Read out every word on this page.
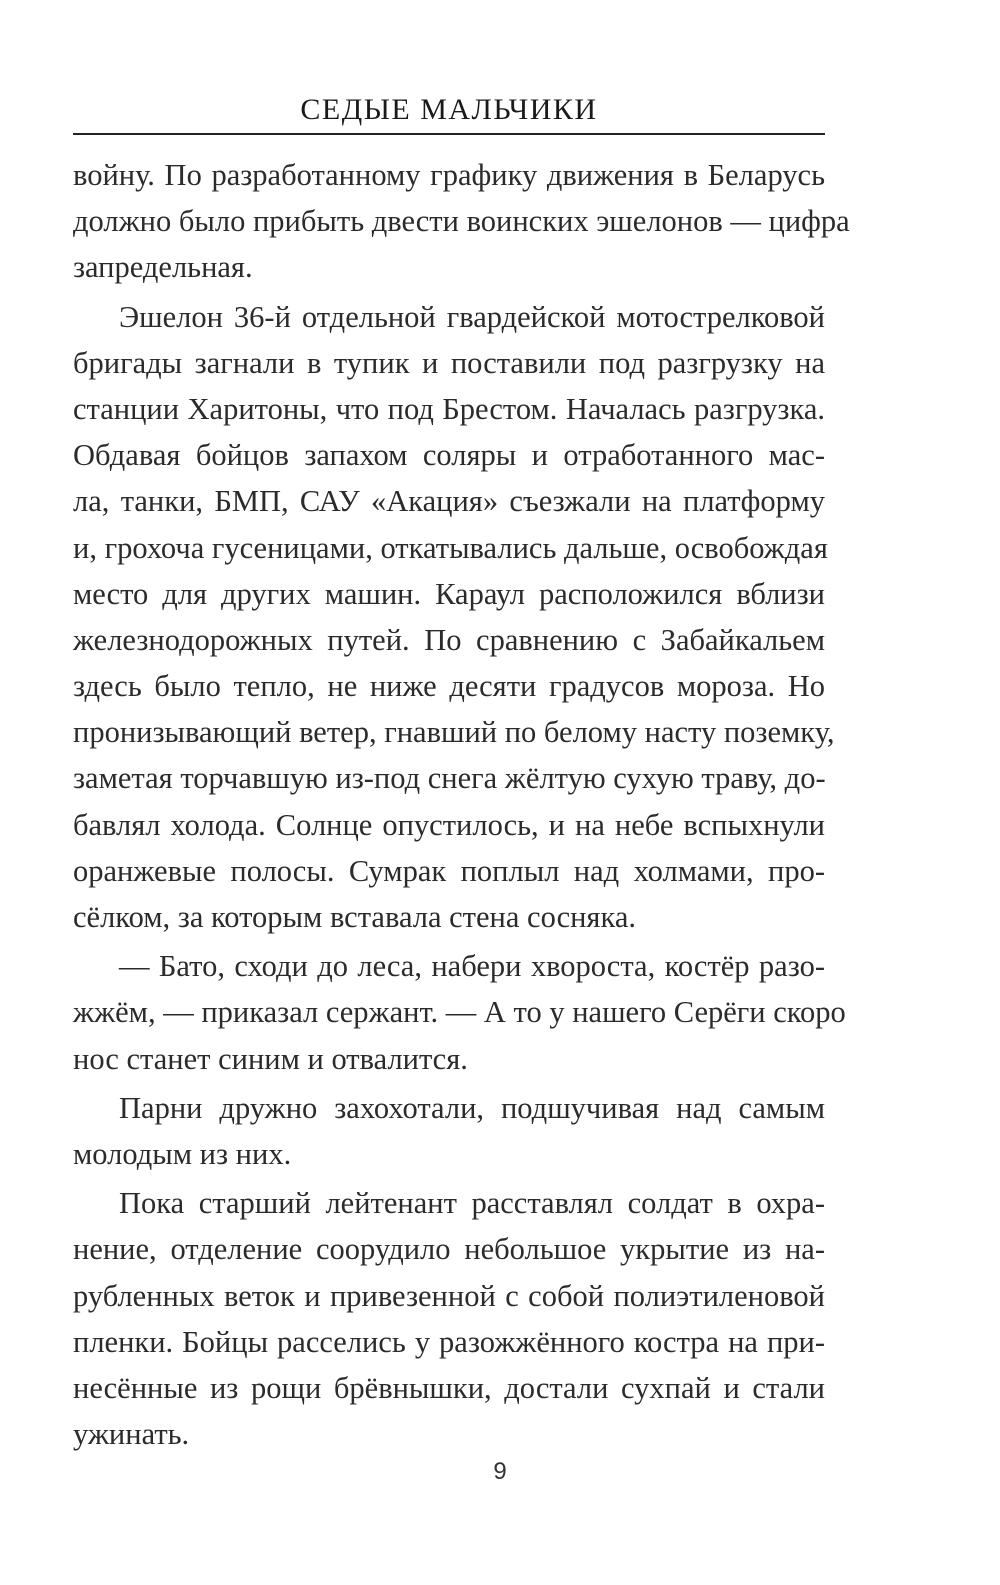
СЕДЫЕ МАЛЬЧИКИ
войну. По разработанному графику движения в Беларусь
должно было прибыть двести воинских эшелонов — цифра
запредельная.
Эшелон 36-й отдельной гвардейской мотострелковой
бригады загнали в тупик и поставили под разгрузку на
станции Харитоны, что под Брестом. Началась разгрузка.
Обдавая бойцов запахом соляры и отработанного мас-
ла, танки, БМП, САУ «Акация» съезжали на платформу
и, грохоча гусеницами, откатывались дальше, освобождая
место для других машин. Караул расположился вблизи
железнодорожных путей. По сравнению с Забайкальем
здесь было тепло, не ниже десяти градусов мороза. Но
пронизывающий ветер, гнавший по белому насту поземку,
заметая торчавшую из-под снега жёлтую сухую траву, до-
бавлял холода. Солнце опустилось, и на небе вспыхнули
оранжевые полосы. Сумрак поплыл над холмами, про-
сёлком, за которым вставала стена сосняка.
— Бато, сходи до леса, набери хвороста, костёр разо-
жжём, — приказал сержант. — А то у нашего Серёги скоро
нос станет синим и отвалится.
Парни дружно захохотали, подшучивая над самым
молодым из них.
Пока старший лейтенант расставлял солдат в охра-
нение, отделение соорудило небольшое укрытие из на-
рубленных веток и привезенной с собой полиэтиленовой
пленки. Бойцы расселись у разожжённого костра на при-
несённые из рощи брёвнышки, достали сухпай и стали
ужинать.
9
